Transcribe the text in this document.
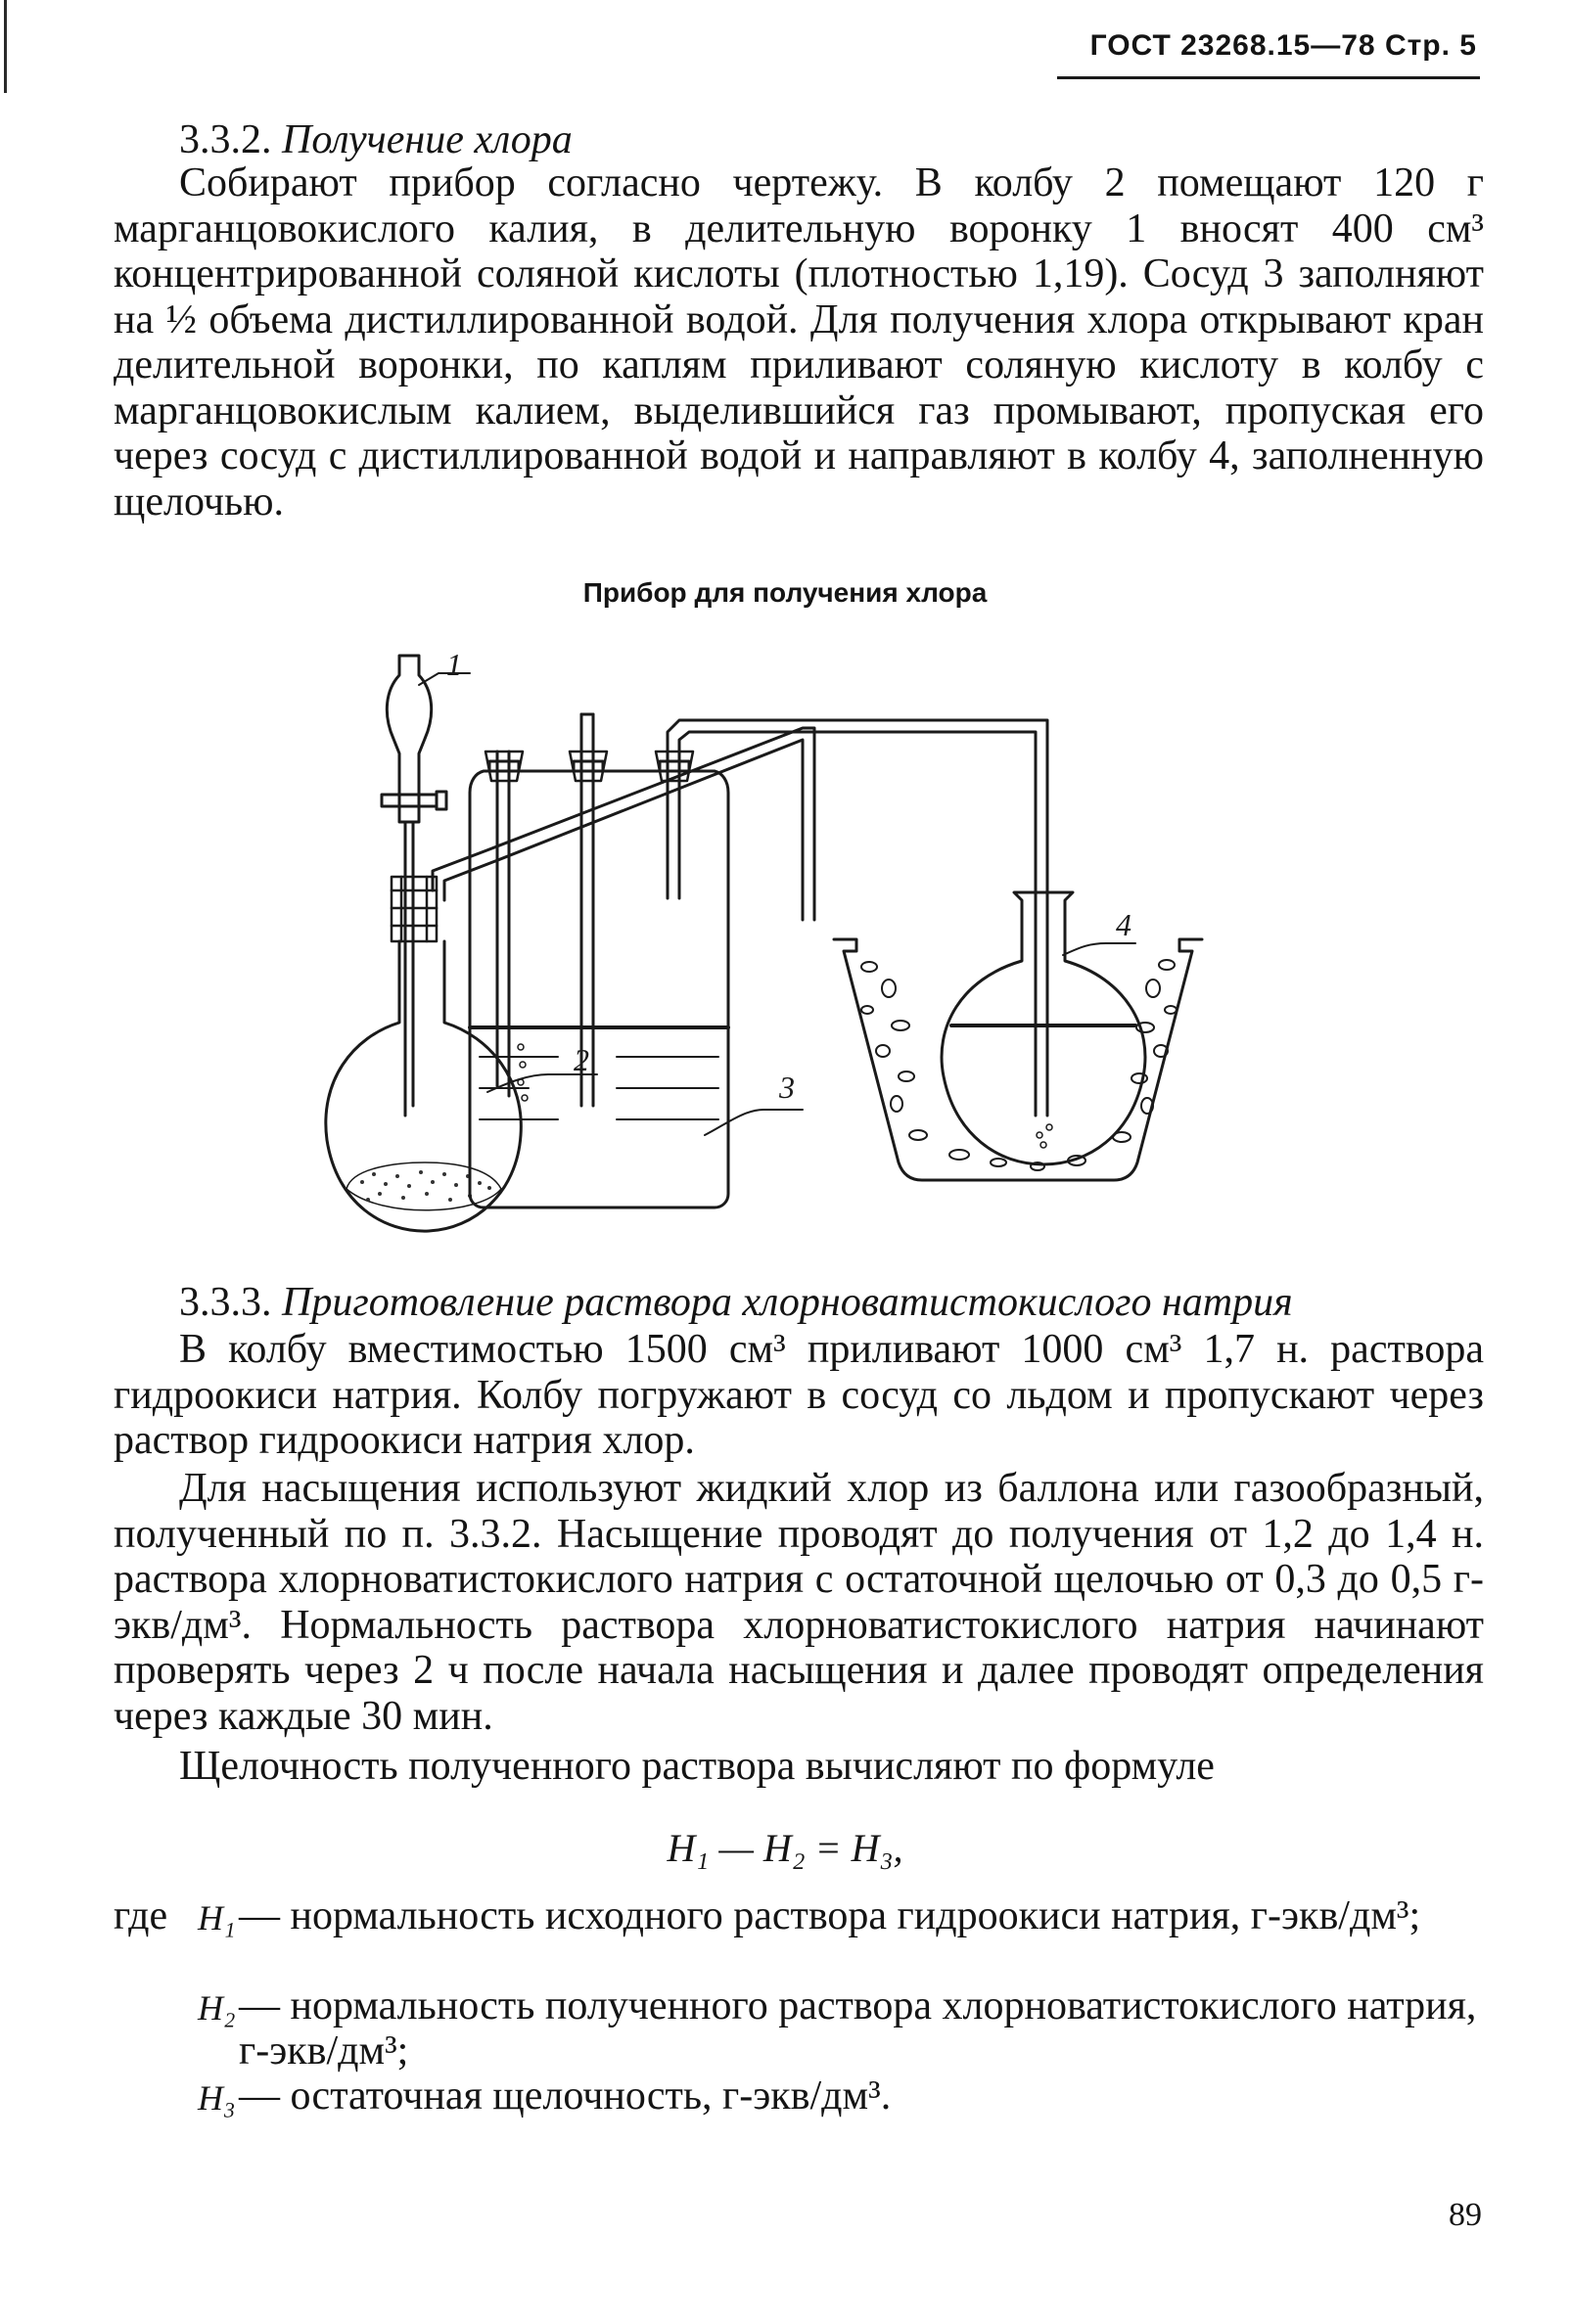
ГОСТ 23268.15—78 Стр. 5
3.3.2. Получение хлора
Собирают прибор согласно чертежу. В колбу 2 помещают 120 г марганцовокислого калия, в делительную воронку 1 вносят 400 см³ концентрированной соляной кислоты (плотностью 1,19). Сосуд 3 заполняют на ½ объема дистиллированной водой. Для получения хлора открывают кран делительной воронки, по каплям приливают соляную кислоту в колбу с марганцовокислым калием, выделившийся газ промывают, пропуская его через сосуд с дистиллированной водой и направляют в колбу 4, заполненную щелочью.
Прибор для получения хлора
1
2
3
4
3.3.3. Приготовление раствора хлорноватистокислого натрия
В колбу вместимостью 1500 см³ приливают 1000 см³ 1,7 н. раствора гидроокиси натрия. Колбу погружают в сосуд со льдом и пропускают через раствор гидроокиси натрия хлор.
Для насыщения используют жидкий хлор из баллона или газообразный, полученный по п. 3.3.2. Насыщение проводят до получения от 1,2 до 1,4 н. раствора хлорноватистокислого натрия с остаточной щелочью от 0,3 до 0,5 г-экв/дм³. Нормальность раствора хлорноватистокислого натрия начинают проверять через 2 ч после начала насыщения и далее проводят определения через каждые 30 мин.
Щелочность полученного раствора вычисляют по формуле
Н₁ — Н₂ = Н₃,
где Н₁ — нормальность исходного раствора гидроокиси натрия, г-экв/дм³;
Н₂ — нормальность полученного раствора хлорноватистокислого натрия, г-экв/дм³;
Н₃ — остаточная щелочность, г-экв/дм³.
89
